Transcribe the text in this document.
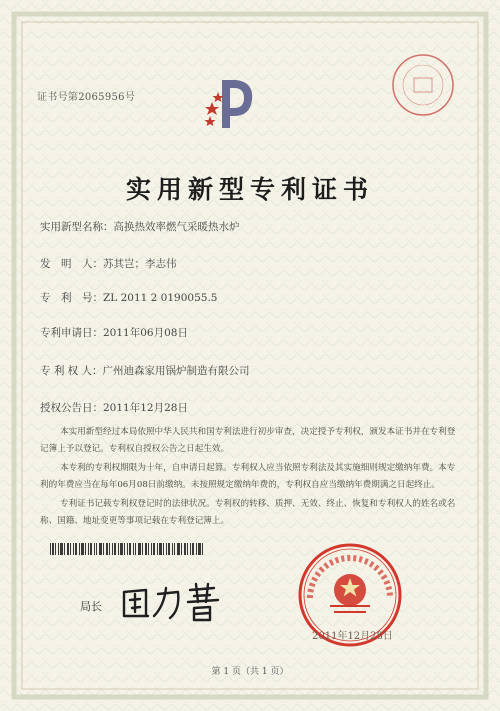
证书号第2065956号
实用新型专利证书
实用新型名称：高换热效率燃气采暖热水炉
发　明　人：苏其岂；李志伟
专　利　号：ZL 2011 2 0190055.5
专利申请日：2011年06月08日
专 利 权 人：广州迪森家用锅炉制造有限公司
授权公告日：2011年12月28日
本实用新型经过本局依照中华人民共和国专利法进行初步审查，决定授予专利权，颁发本证书并在专利登记簿上予以登记。专利权自授权公告之日起生效。
本专利的专利权期限为十年，自申请日起算。专利权人应当依照专利法及其实施细则规定缴纳年费。本专利的年费应当在每年06月08日前缴纳。未按照规定缴纳年费的，专利权自应当缴纳年费期满之日起终止。
专利证书记载专利权登记时的法律状况。专利权的转移、质押、无效、终止、恢复和专利权人的姓名或名称、国籍、地址变更等事项记载在专利登记簿上。
局长
2011年12月28日
第 1 页（共 1 页）
